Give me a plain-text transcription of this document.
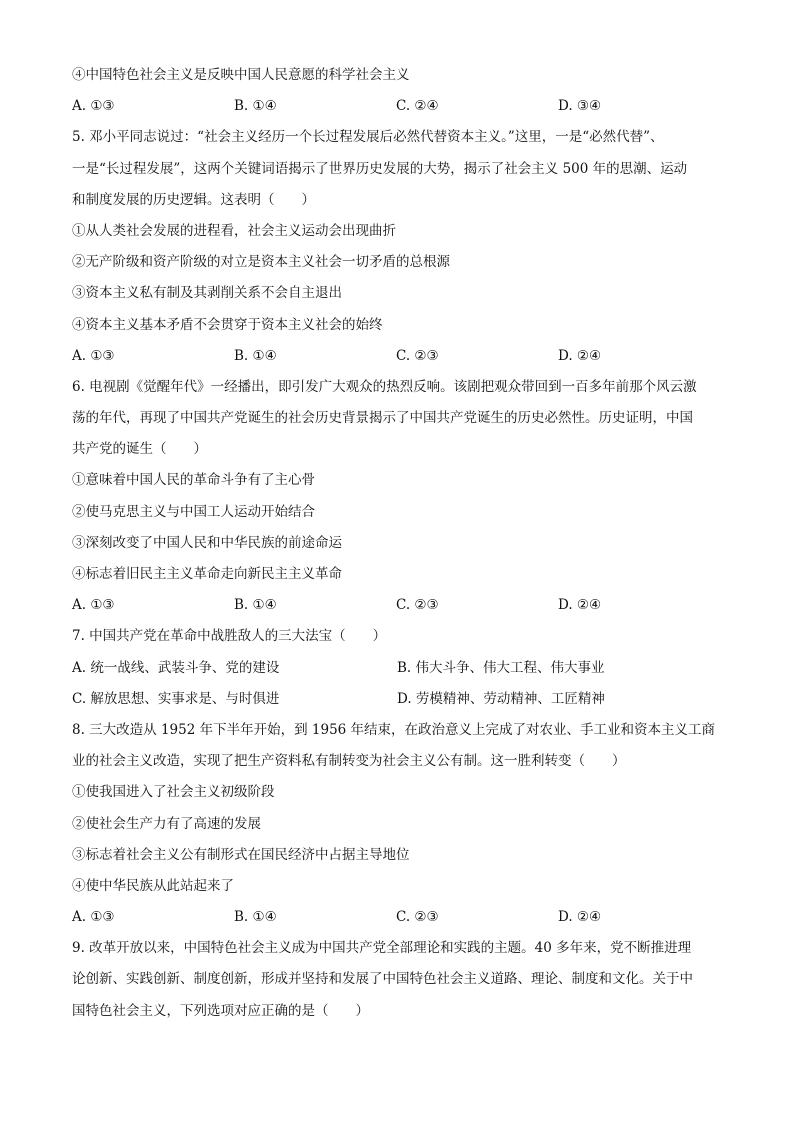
④中国特色社会主义是反映中国人民意愿的科学社会主义
A. ①③	B. ①④	C. ②④	D. ③④
5. 邓小平同志说过：“社会主义经历一个长过程发展后必然代替资本主义。”这里，一是“必然代替”、
一是“长过程发展”，这两个关键词语揭示了世界历史发展的大势，揭示了社会主义 500 年的思潮、运动
和制度发展的历史逻辑。这表明（　　）
①从人类社会发展的进程看，社会主义运动会出现曲折
②无产阶级和资产阶级的对立是资本主义社会一切矛盾的总根源
③资本主义私有制及其剥削关系不会自主退出
④资本主义基本矛盾不会贯穿于资本主义社会的始终
A. ①③	B. ①④	C. ②③	D. ②④
6. 电视剧《觉醒年代》一经播出，即引发广大观众的热烈反响。该剧把观众带回到一百多年前那个风云激
荡的年代，再现了中国共产党诞生的社会历史背景揭示了中国共产党诞生的历史必然性。历史证明，中国
共产党的诞生（　　）
①意味着中国人民的革命斗争有了主心骨
②使马克思主义与中国工人运动开始结合
③深刻改变了中国人民和中华民族的前途命运
④标志着旧民主主义革命走向新民主主义革命
A. ①③	B. ①④	C. ②③	D. ②④
7. 中国共产党在革命中战胜敌人的三大法宝（　　）
A. 统一战线、武装斗争、党的建设	B. 伟大斗争、伟大工程、伟大事业
C. 解放思想、实事求是、与时俱进	D. 劳模精神、劳动精神、工匠精神
8. 三大改造从 1952 年下半年开始，到 1956 年结束，在政治意义上完成了对农业、手工业和资本主义工商
业的社会主义改造，实现了把生产资料私有制转变为社会主义公有制。这一胜利转变（　　）
①使我国进入了社会主义初级阶段
②使社会生产力有了高速的发展
③标志着社会主义公有制形式在国民经济中占据主导地位
④使中华民族从此站起来了
A. ①③	B. ①④	C. ②③	D. ②④
9. 改革开放以来，中国特色社会主义成为中国共产党全部理论和实践的主题。40 多年来，党不断推进理
论创新、实践创新、制度创新，形成并坚持和发展了中国特色社会主义道路、理论、制度和文化。关于中
国特色社会主义，下列选项对应正确的是（　　）
